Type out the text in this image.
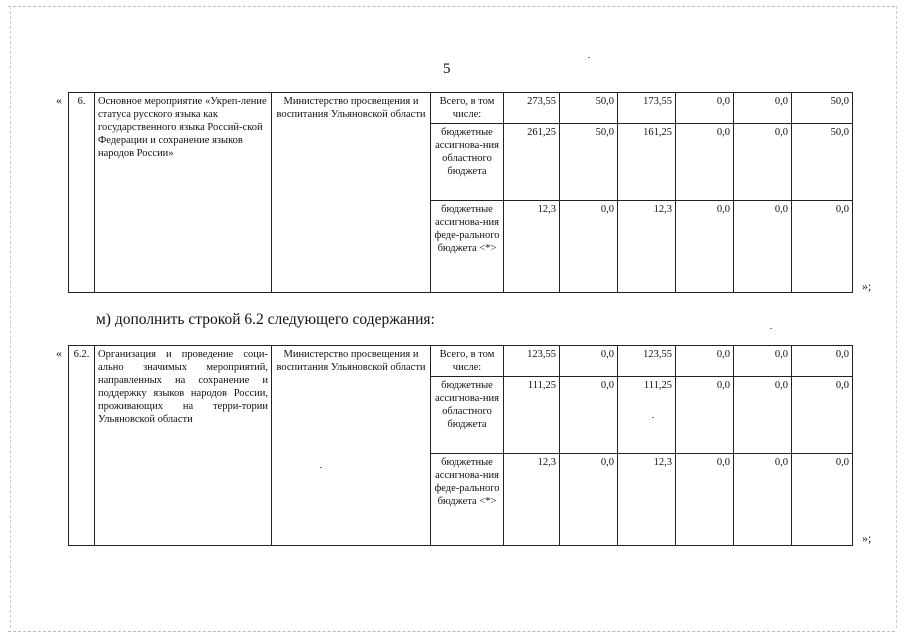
5
« 6.	Основное мероприятие «Укреп-ление статуса русского языка как государственного языка Россий-ской Федерации и сохранение языков народов России»	Министерство просвещения и воспитания Ульяновской области	Всего, в том числе:	273,55	50,0	173,55	0,0	0,0	50,0
			бюджетные ассигнова-ния областного бюджета	261,25	50,0	161,25	0,0	0,0	50,0
			бюджетные ассигнова-ния феде-рального бюджета <*>	12,3	0,0	12,3	0,0	0,0	0,0
»;
м) дополнить строкой 6.2 следующего содержания:
« 6.2.	Организация и проведение соци-ально значимых мероприятий, направленных на сохранение и поддержку языков народов России, проживающих на терри-тории Ульяновской области	Министерство просвещения и воспитания Ульяновской области	Всего, в том числе:	123,55	0,0	123,55	0,0	0,0	0,0
			бюджетные ассигнова-ния областного бюджета	111,25	0,0	111,25	0,0	0,0	0,0
			бюджетные ассигнова-ния феде-рального бюджета <*>	12,3	0,0	12,3	0,0	0,0	0,0
»;
